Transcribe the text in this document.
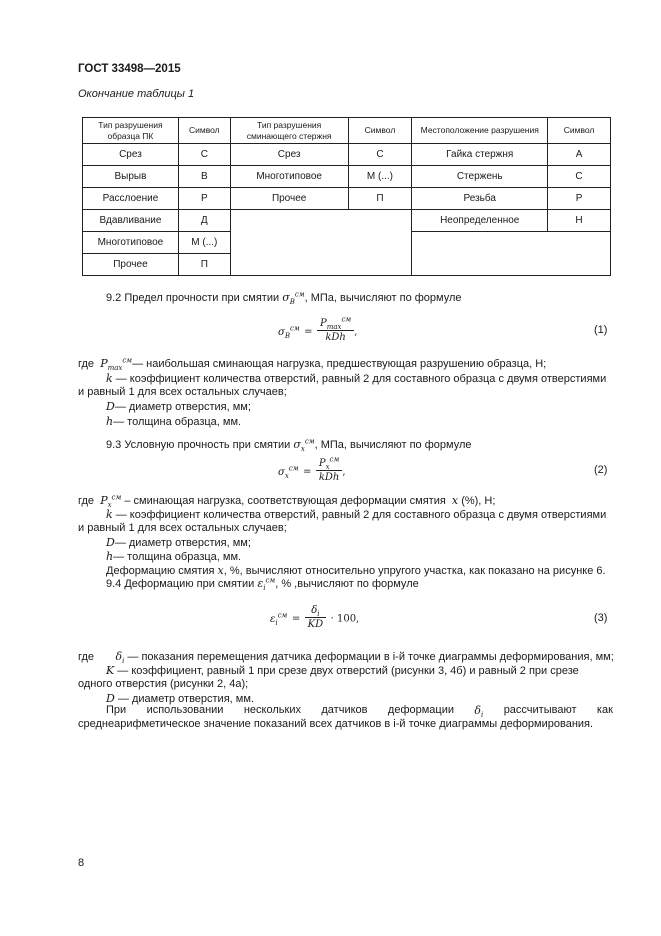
ГОСТ 33498—2015
Окончание таблицы 1
Тип разрушения образца ПК	Символ	Тип разрушения сминающего стержня	Символ	Местоположение разрушения	Символ
Срез	С	Срез	С	Гайка стержня	А
Вырыв	В	Многотиповое	М (...)	Стержень	С
Расслоение	Р	Прочее	П	Резьба	Р
Вдавливание	Д			Неопределенное	Н
Многотиповое	М (...)				
Прочее	П				
9.2 Предел прочности при смятии $\sigma_В^{см}$, МПа, вычисляют по формуле
$\sigma_В^{см} = \frac{P_{max}^{см}}{\text{kDh}}$ ,	(1)
где $P_{max}^{см}—$ наибольшая сминающая нагрузка, предшествующая разрушению образца, Н;
k — коэффициент количества отверстий, равный 2 для составного образца с двумя отверстиями
и равный 1 для всех остальных случаев;
D— диаметр отверстия, мм;
h— толщина образца, мм.
9.3 Условную прочность при смятии $\sigma_x^{см}$, МПа, вычисляют по формуле
$\sigma_x^{см} = \frac{P_x^{см}}{\text{kDh}}$ ,	(2)
где $P_x^{см}$ – сминающая нагрузка, соответствующая деформации смятия x (%), Н;
k — коэффициент количества отверстий, равный 2 для составного образца с двумя отверстиями
и равный 1 для всех остальных случаев;
D— диаметр отверстия, мм;
h— толщина образца, мм.
Деформацию смятия x, %, вычисляют относительно упругого участка, как показано на рисунке 6.
9.4 Деформацию при смятии $\varepsilon_i^{см}$, % ,вычисляют по формуле
$\varepsilon_i^{см} = \frac{\delta_i}{KD} \cdot 100$,	(3)
где $\delta_i$ — показания перемещения датчика деформации в i-й точке диаграммы деформирования, мм;
K — коэффициент, равный 1 при срезе двух отверстий (рисунки 3, 4б) и равный 2 при срезе
одного отверстия (рисунки 2, 4а);
D — диаметр отверстия, мм.
При использовании нескольких датчиков деформации $\delta_i$ рассчитывают как
среднеарифметическое значение показаний всех датчиков в i-й точке диаграммы деформирования.
8
